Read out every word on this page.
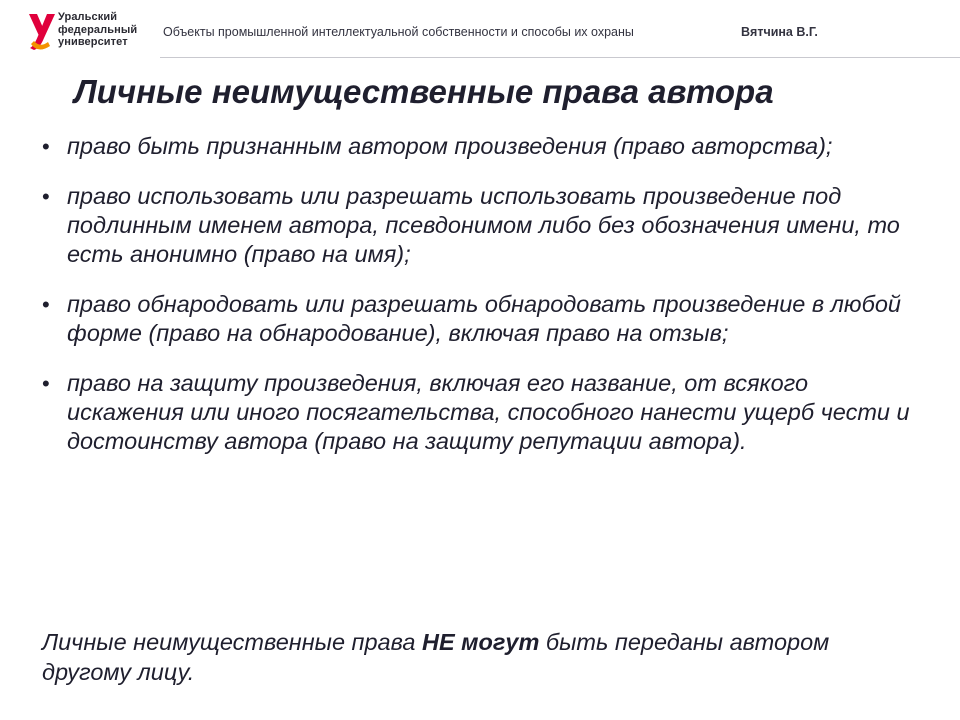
Уральский
федеральный
университет
Объекты промышленной интеллектуальной собственности и способы их охраны	Вятчина В.Г.
Личные неимущественные права автора
• право быть признанным автором произведения (право авторства);
• право использовать или разрешать использовать произведение под подлинным именем автора, псевдонимом либо без обозначения имени, то есть анонимно (право на имя);
• право обнародовать или разрешать обнародовать произведение в любой форме (право на обнародование), включая право на отзыв;
• право на защиту произведения, включая его название, от всякого искажения или иного посягательства, способного нанести ущерб чести и достоинству автора (право на защиту репутации автора).
Личные неимущественные права НЕ могут быть переданы автором другому лицу.
